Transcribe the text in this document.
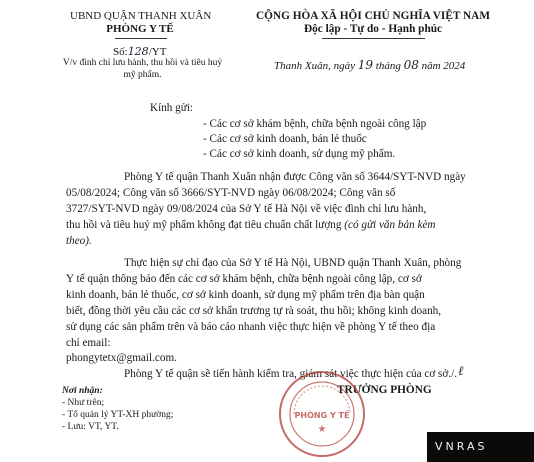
UBND QUẬN THANH XUÂN
PHÒNG Y TẾ
Số:128/YT
V/v đình chỉ lưu hành, thu hồi và tiêu huỷ
mỹ phẩm.
CỘNG HÒA XÃ HỘI CHỦ NGHĨA VIỆT NAM
Độc lập - Tự do - Hạnh phúc
Thanh Xuân, ngày 19 tháng 08 năm 2024
Kính gửi:
- Các cơ sở khám bệnh, chữa bệnh ngoài công lập
- Các cơ sở kinh doanh, bán lẻ thuốc
- Các cơ sở kinh doanh, sử dụng mỹ phẩm.
Phòng Y tế quận Thanh Xuân nhận được Công văn số 3644/SYT-NVD ngày
05/08/2024; Công văn số 3666/SYT-NVD ngày 06/08/2024; Công văn số
3727/SYT-NVD ngày 09/08/2024 của Sở Y tế Hà Nội về việc đình chỉ lưu hành,
thu hồi và tiêu huỷ mỹ phẩm không đạt tiêu chuẩn chất lượng (có gửi văn bản kèm
theo).
Thực hiện sự chỉ đạo của Sở Y tế Hà Nội, UBND quận Thanh Xuân, phòng
Y tế quận thông báo đến các cơ sở khám bệnh, chữa bệnh ngoài công lập, cơ sở
kinh doanh, bán lẻ thuốc, cơ sở kinh doanh, sử dụng mỹ phẩm trên địa bàn quận
biết, đồng thời yêu cầu các cơ sở khẩn trương tự rà soát, thu hồi; không kinh doanh,
sử dụng các sản phẩm trên và báo cáo nhanh việc thực hiện về phòng Y tế theo địa
chỉ email:
phongytetx@gmail.com.
Phòng Y tế quận sẽ tiến hành kiểm tra, giám sát việc thực hiện của cơ sở./. ℓ
Nơi nhận:
- Như trên;
- Tổ quản lý YT-XH phường;
- Lưu: VT, YT.
TRƯỞNG PHÒNG
PHÒNG Y TẾ
★
VNRAS
